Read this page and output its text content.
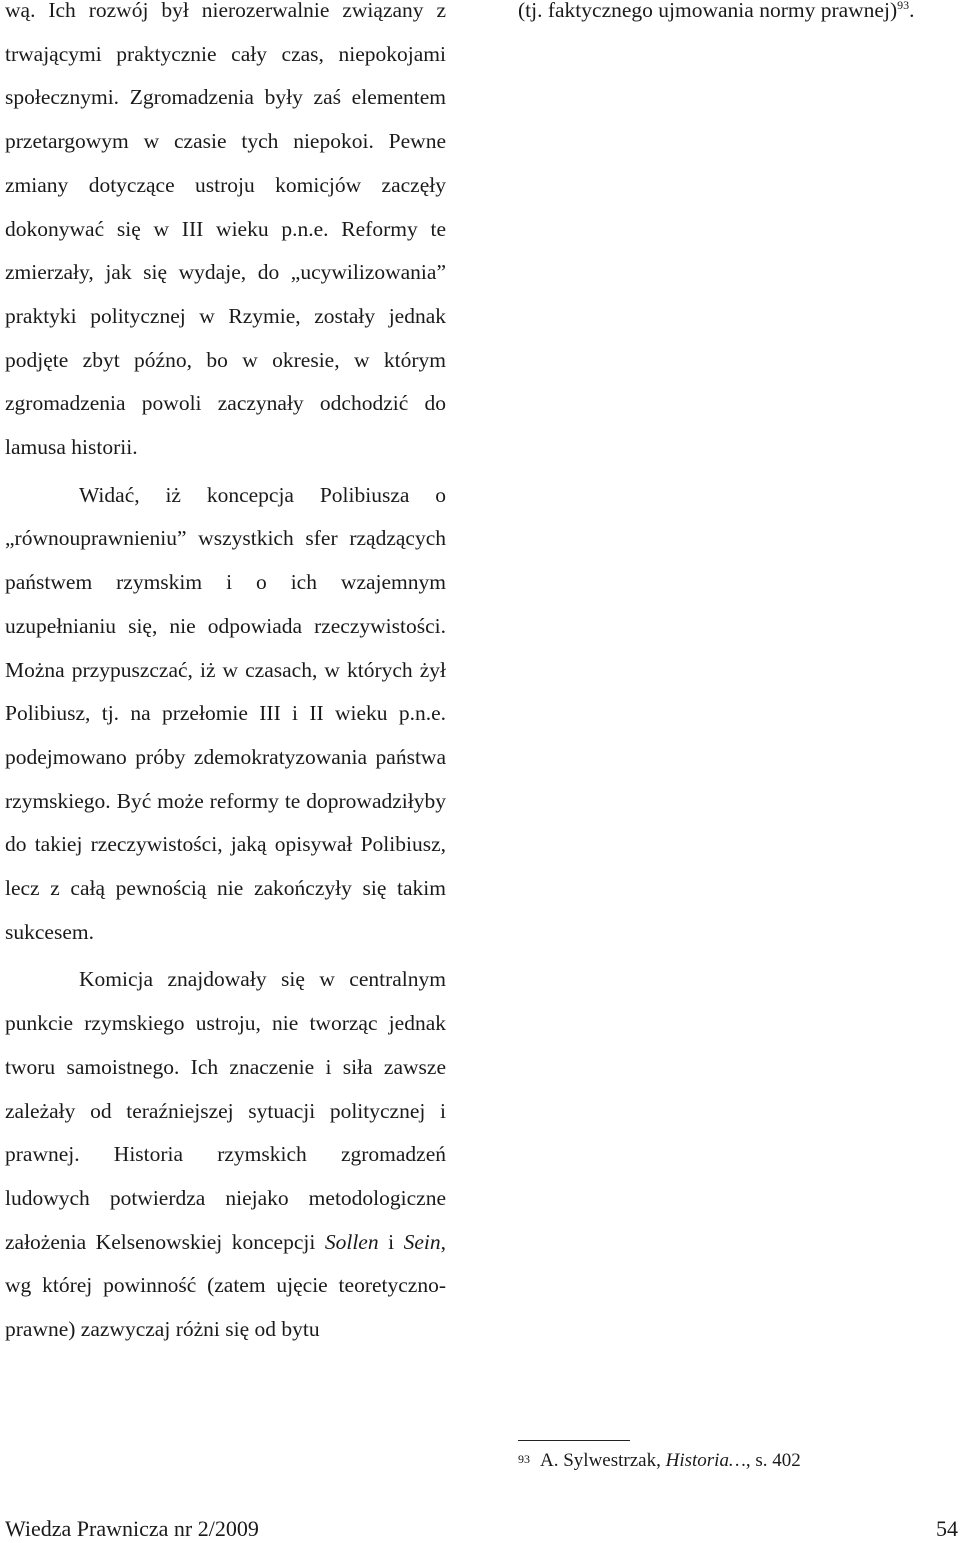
wą. Ich rozwój był nierozerwalnie związany z trwającymi praktycznie cały czas, niepokojami społecznymi. Zgromadzenia były zaś elementem przetargowym w czasie tych niepokoi. Pewne zmiany dotyczące ustroju komicjów zaczęły dokonywać się w III wieku p.n.e. Reformy te zmierzały, jak się wydaje, do „ucywilizowania” praktyki politycznej w Rzymie, zostały jednak podjęte zbyt późno, bo w okresie, w którym zgromadzenia powoli zaczynały odchodzić do lamusa historii.

Widać, iż koncepcja Polibiusza o „równouprawnieniu” wszystkich sfer rządzących państwem rzymskim i o ich wzajemnym uzupełnianiu się, nie odpowiada rzeczywistości. Można przypuszczać, iż w czasach, w których żył Polibiusz, tj. na przełomie III i II wieku p.n.e. podejmowano próby zdemokratyzowania państwa rzymskiego. Być może reformy te doprowadziłyby do takiej rzeczywistości, jaką opisywał Polibiusz, lecz z całą pewnością nie zakończyły się takim sukcesem.

Komicja znajdowały się w centralnym punkcie rzymskiego ustroju, nie tworząc jednak tworu samoistnego. Ich znaczenie i siła zawsze zależały od teraźniejszej sytuacji politycznej i prawnej. Historia rzymskich zgromadzeń ludowych potwierdza niejako metodologiczne założenia Kelsenowskiej koncepcji Sollen i Sein, wg której powinność (zatem ujęcie teoretyczno-prawne) zazwyczaj różni się od bytu

(tj. faktycznego ujmowania normy prawnej)$^{93}$.

$^{93}$ A. Sylwestrzak, Historia…, s. 402
Wiedza Prawnicza nr 2/2009	54
